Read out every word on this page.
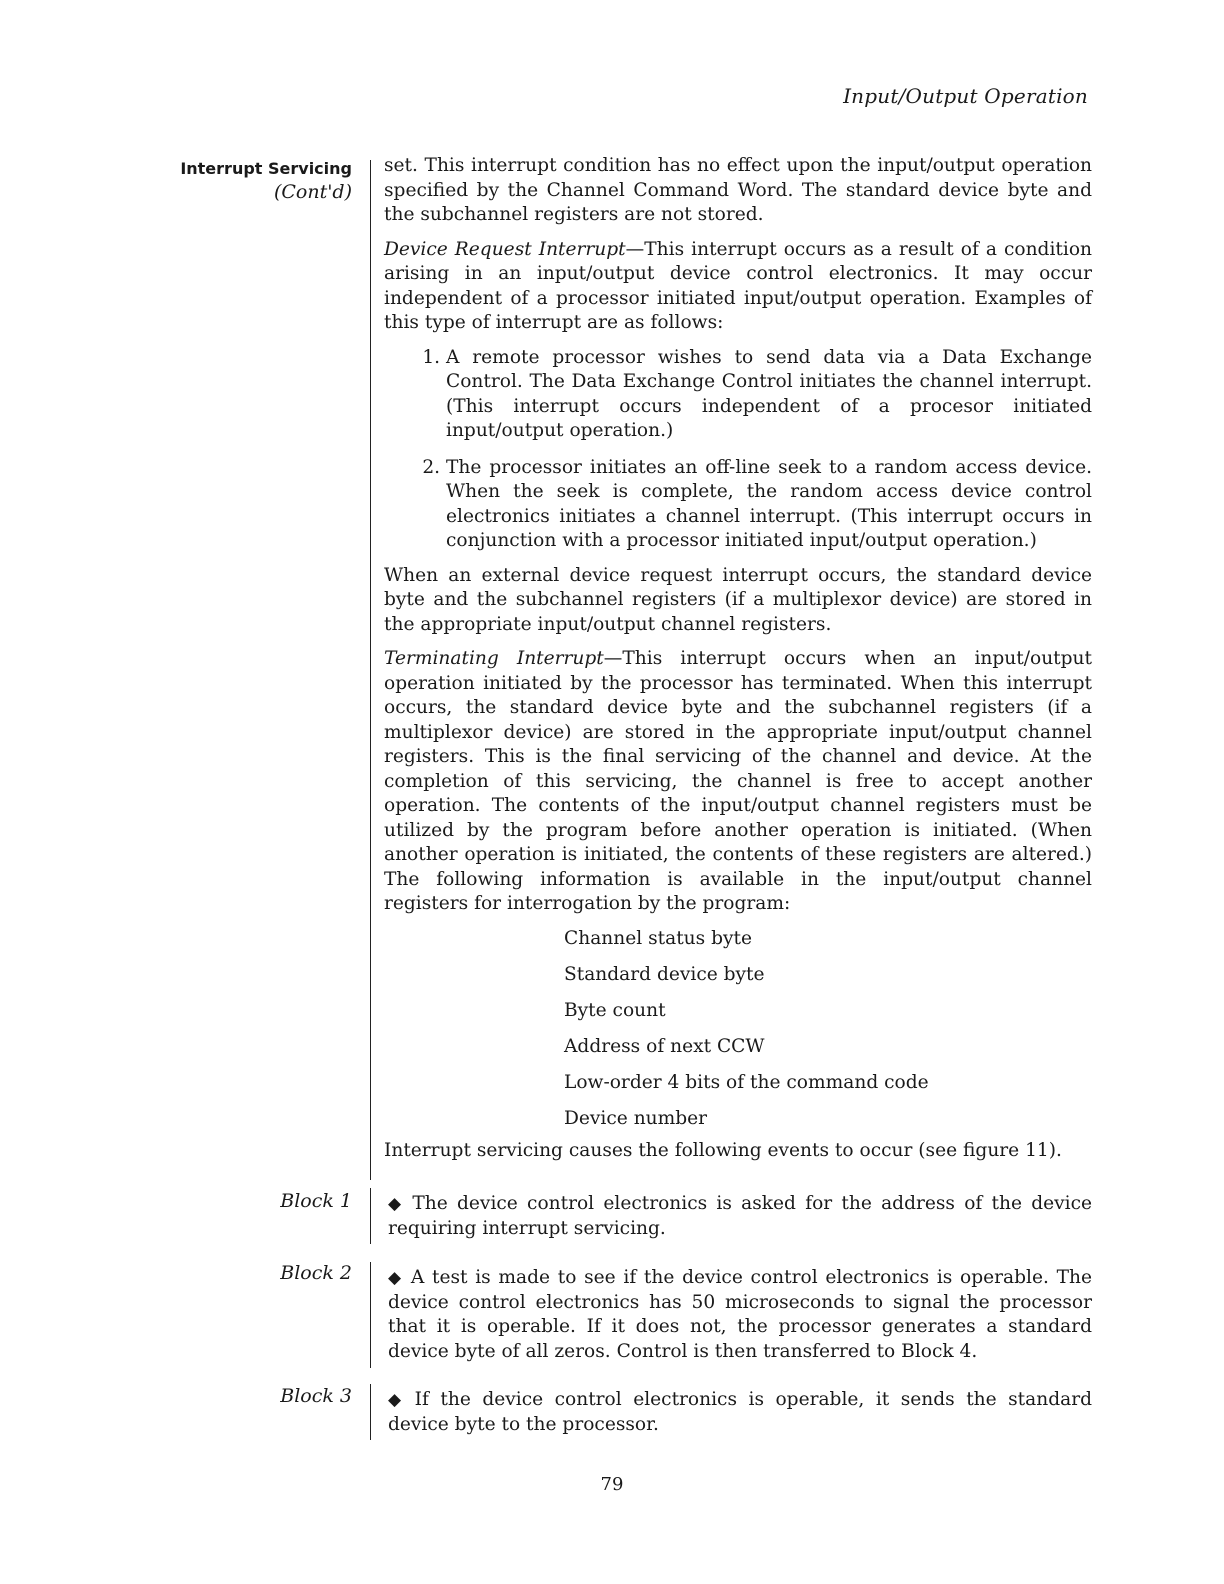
Input/Output Operation
Interrupt Servicing
(Cont'd)

set. This interrupt condition has no effect upon the input/output operation specified by the Channel Command Word. The standard device byte and the subchannel registers are not stored.

Device Request Interrupt—This interrupt occurs as a result of a condition arising in an input/output device control electronics. It may occur independent of a processor initiated input/output operation. Examples of this type of interrupt are as follows:

1. A remote processor wishes to send data via a Data Exchange Control. The Data Exchange Control initiates the channel interrupt. (This interrupt occurs independent of a procesor initiated input/output operation.)
2. The processor initiates an off-line seek to a random access device. When the seek is complete, the random access device control electronics initiates a channel interrupt. (This interrupt occurs in conjunction with a processor initiated input/output operation.)

When an external device request interrupt occurs, the standard device byte and the subchannel registers (if a multiplexor device) are stored in the appropriate input/output channel registers.

Terminating Interrupt—This interrupt occurs when an input/output operation initiated by the processor has terminated. When this interrupt occurs, the standard device byte and the subchannel registers (if a multiplexor device) are stored in the appropriate input/output channel registers. This is the final servicing of the channel and device. At the completion of this servicing, the channel is free to accept another operation. The contents of the input/output channel registers must be utilized by the program before another operation is initiated. (When another operation is initiated, the contents of these registers are altered.) The following information is available in the input/output channel registers for interrogation by the program:

Channel status byte
Standard device byte
Byte count
Address of next CCW
Low-order 4 bits of the command code
Device number

Interrupt servicing causes the following events to occur (see figure 11).

Block 1 ◆ The device control electronics is asked for the address of the device requiring interrupt servicing.

Block 2 ◆ A test is made to see if the device control electronics is operable. The device control electronics has 50 microseconds to signal the processor that it is operable. If it does not, the processor generates a standard device byte of all zeros. Control is then transferred to Block 4.

Block 3 ◆ If the device control electronics is operable, it sends the standard device byte to the processor.

79
